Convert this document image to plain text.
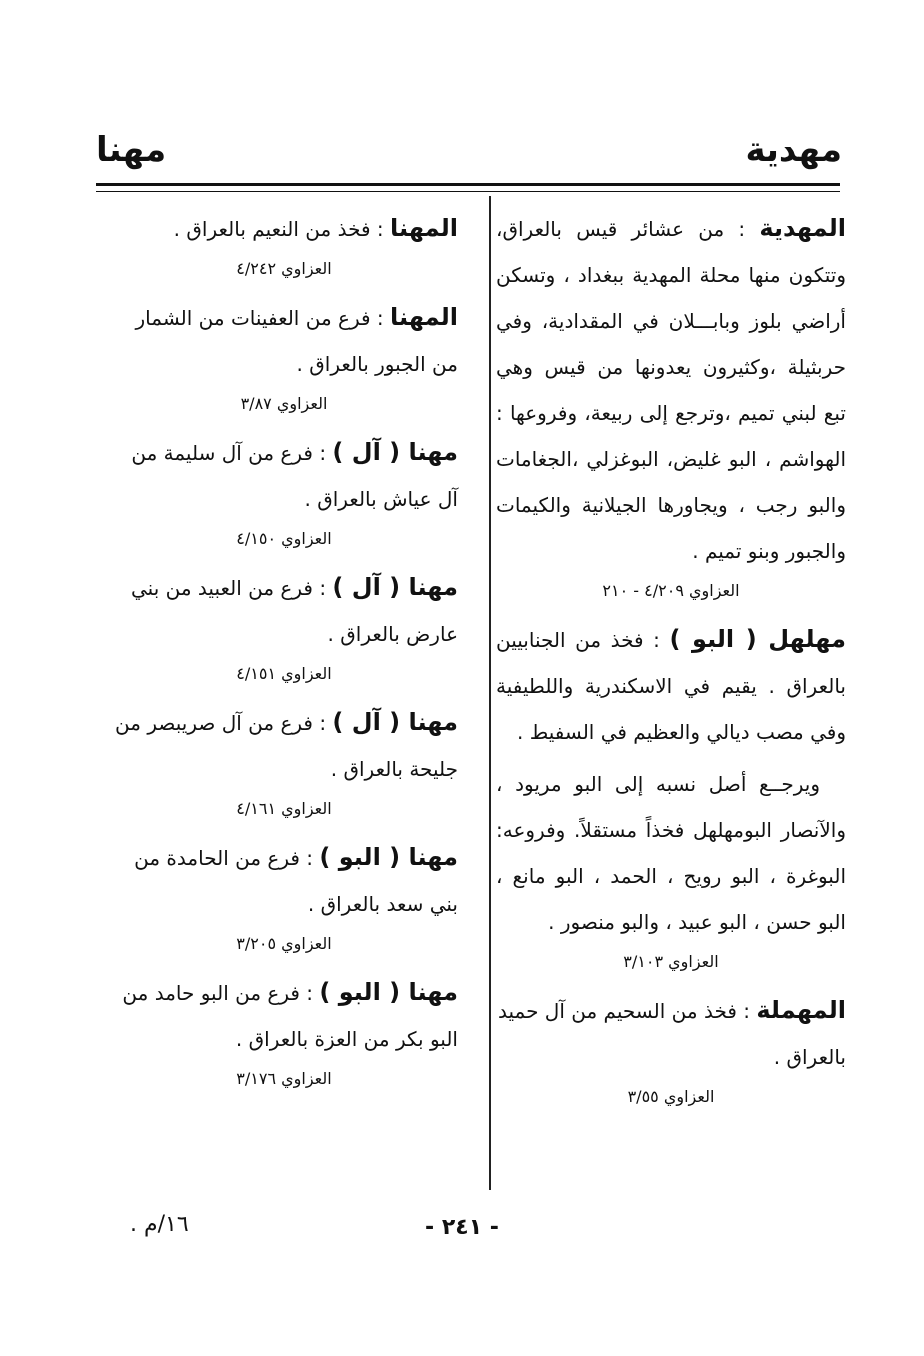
مهدية
مهنا
المهدية : من عشائر قيس بالعراق، وتتكون منها محلة المهدية ببغداد ، وتسكن أراضي بلوز وبابـــلان في المقدادية، وفي حربثيلة ،وكثيرون يعدونها من قيس وهي تبع لبني تميم ،وترجع إلى ربيعة، وفروعها : الهواشم ، البو غليض، البوغزلي ،الجغامات والبو رجب ، ويجاورها الجيلانية والكيمات والجبور وبنو تميم .
العزاوي ٤/٢٠٩ - ٢١٠
مهلهل ( البو ) : فخذ من الجنابيين بالعراق . يقيم في الاسكندرية واللطيفية وفي مصب ديالي والعظيم في السفيط .
ويرجــع أصل نسبه إلى البو مريود ، والآنصار البومهلهل فخذاً مستقلاً. وفروعه: البوغرة ، البو رويح ، الحمد ، البو مانع ، البو حسن ، البو عبيد ، والبو منصور .
العزاوي ٣/١٠٣
المهملة : فخذ من السحيم من آل حميد بالعراق .
العزاوي ٣/٥٥
المهنا : فخذ من النعيم بالعراق .
العزاوي ٤/٢٤٢
المهنا : فرع من العفينات من الشمار من الجبور بالعراق .
العزاوي ٣/٨٧
مهنا ( آل ) : فرع من آل سليمة من آل عياش بالعراق .
العزاوي ٤/١٥٠
مهنا ( آل ) : فرع من العبيد من بني عارض بالعراق .
العزاوي ٤/١٥١
مهنا ( آل ) : فرع من آل صريبصر من جليحة بالعراق .
العزاوي ٤/١٦١
مهنا ( البو ) : فرع من الحامدة من بني سعد بالعراق .
العزاوي ٣/٢٠٥
مهنا ( البو ) : فرع من البو حامد من البو بكر من العزة بالعراق .
العزاوي ٣/١٧٦
- ٢٤١ -
١٦/م .
